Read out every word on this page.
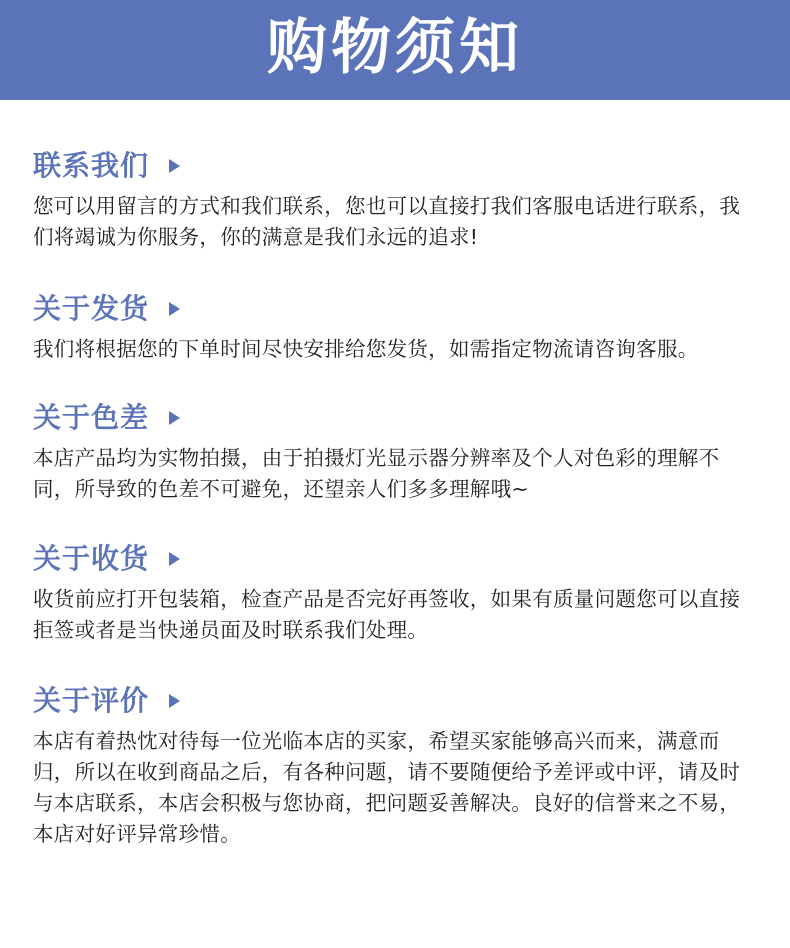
购物须知
联系我们
您可以用留言的方式和我们联系，您也可以直接打我们客服电话进行联系，我们将竭诚为你服务，你的满意是我们永远的追求!
关于发货
我们将根据您的下单时间尽快安排给您发货，如需指定物流请咨询客服。
关于色差
本店产品均为实物拍摄，由于拍摄灯光显示器分辨率及个人对色彩的理解不同，所导致的色差不可避免，还望亲人们多多理解哦~
关于收货
收货前应打开包装箱，检查产品是否完好再签收，如果有质量问题您可以直接拒签或者是当快递员面及时联系我们处理。
关于评价
本店有着热忱对待每一位光临本店的买家，希望买家能够高兴而来，满意而归，所以在收到商品之后，有各种问题，请不要随便给予差评或中评，请及时与本店联系，本店会积极与您协商，把问题妥善解决。良好的信誉来之不易，本店对好评异常珍惜。
